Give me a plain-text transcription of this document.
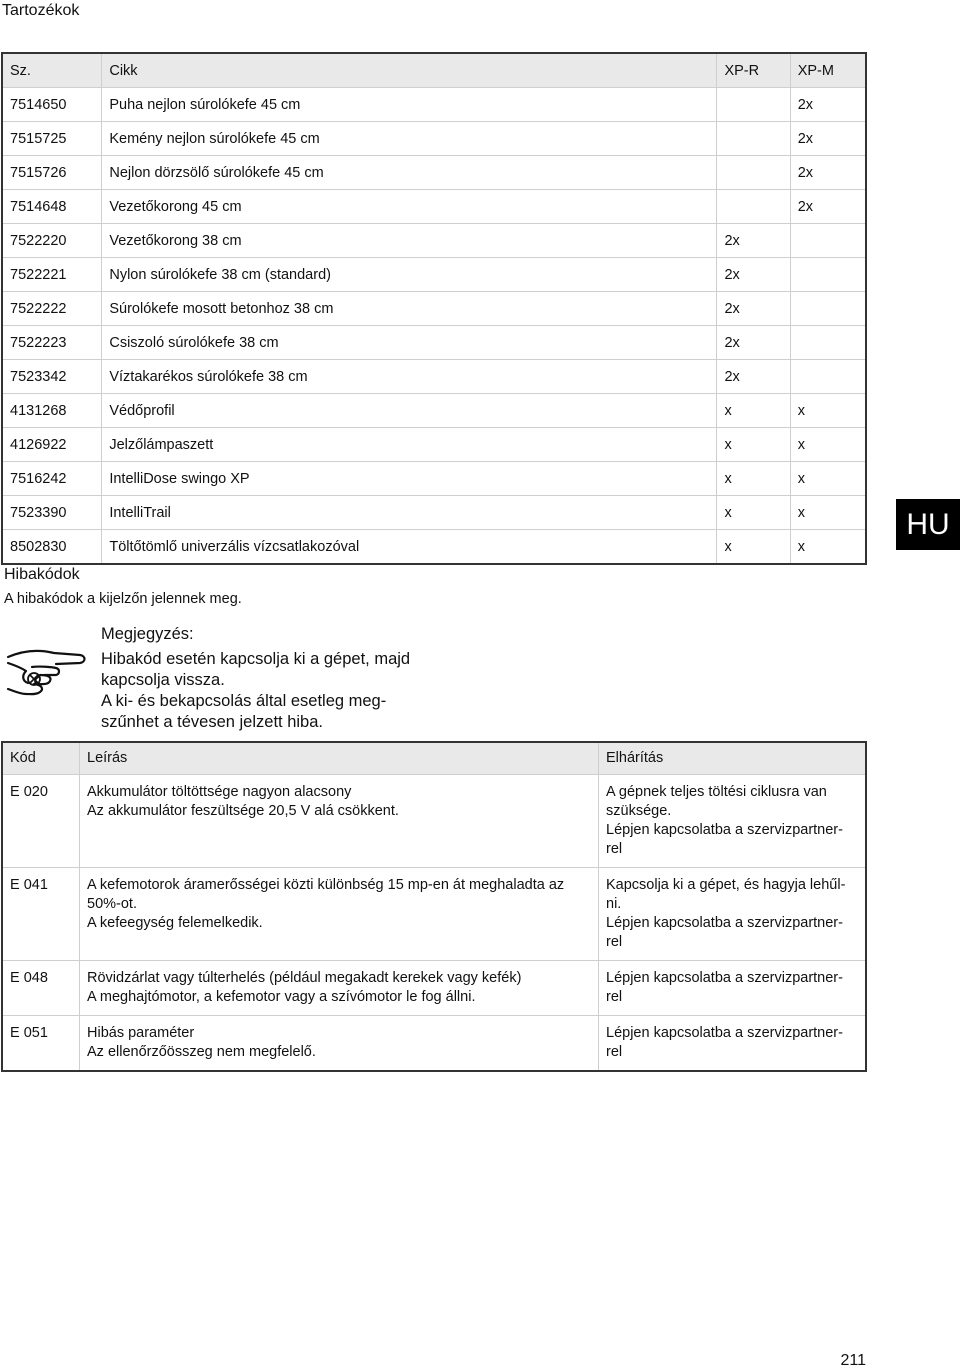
Tartozékok
Sz.	Cikk	XP-R	XP-M
7514650	Puha nejlon súrolókefe 45 cm		2x
7515725	Kemény nejlon súrolókefe 45 cm		2x
7515726	Nejlon dörzsölő súrolókefe 45 cm		2x
7514648	Vezetőkorong 45 cm		2x
7522220	Vezetőkorong 38 cm	2x	
7522221	Nylon súrolókefe 38 cm (standard)	2x	
7522222	Súrolókefe mosott betonhoz 38 cm	2x	
7522223	Csiszoló súrolókefe 38 cm	2x	
7523342	Víztakarékos súrolókefe 38 cm	2x	
4131268	Védőprofil	x	x
4126922	Jelzőlámpaszett	x	x
7516242	IntelliDose swingo XP	x	x
7523390	IntelliTrail	x	x
8502830	Töltőtömlő univerzális vízcsatlakozóval	x	x
HU
Hibakódok
A hibakódok a kijelzőn jelennek meg.

Megjegyzés:

Hibakód esetén kapcsolja ki a gépet, majd

kapcsolja vissza.

A ki- és bekapcsolás által esetleg meg-

szűnhet a tévesen jelzett hiba.

Kód	Leírás	Elhárítás
E 020	Akkumulátor töltöttsége nagyon alacsony
Az akkumulátor feszültsége 20,5 V alá csökkent.	A gépnek teljes töltési ciklusra van
szüksége.
Lépjen kapcsolatba a szervizpartner-
rel

E 041	A kefemotorok áramerősségei közti különbség 15 mp-en át meghaladta az
50%-ot.
A kefeegység felemelkedik.	Kapcsolja ki a gépet, és hagyja lehűl-
ni.
Lépjen kapcsolatba a szervizpartner-
rel

E 048	Rövidzárlat vagy túlterhelés (például megakadt kerekek vagy kefék)
A meghajtómotor, a kefemotor vagy a szívómotor le fog állni.	Lépjen kapcsolatba a szervizpartner-
rel

E 051	Hibás paraméter
Az ellenőrzőösszeg nem megfelelő.	Lépjen kapcsolatba a szervizpartner-
rel
211
